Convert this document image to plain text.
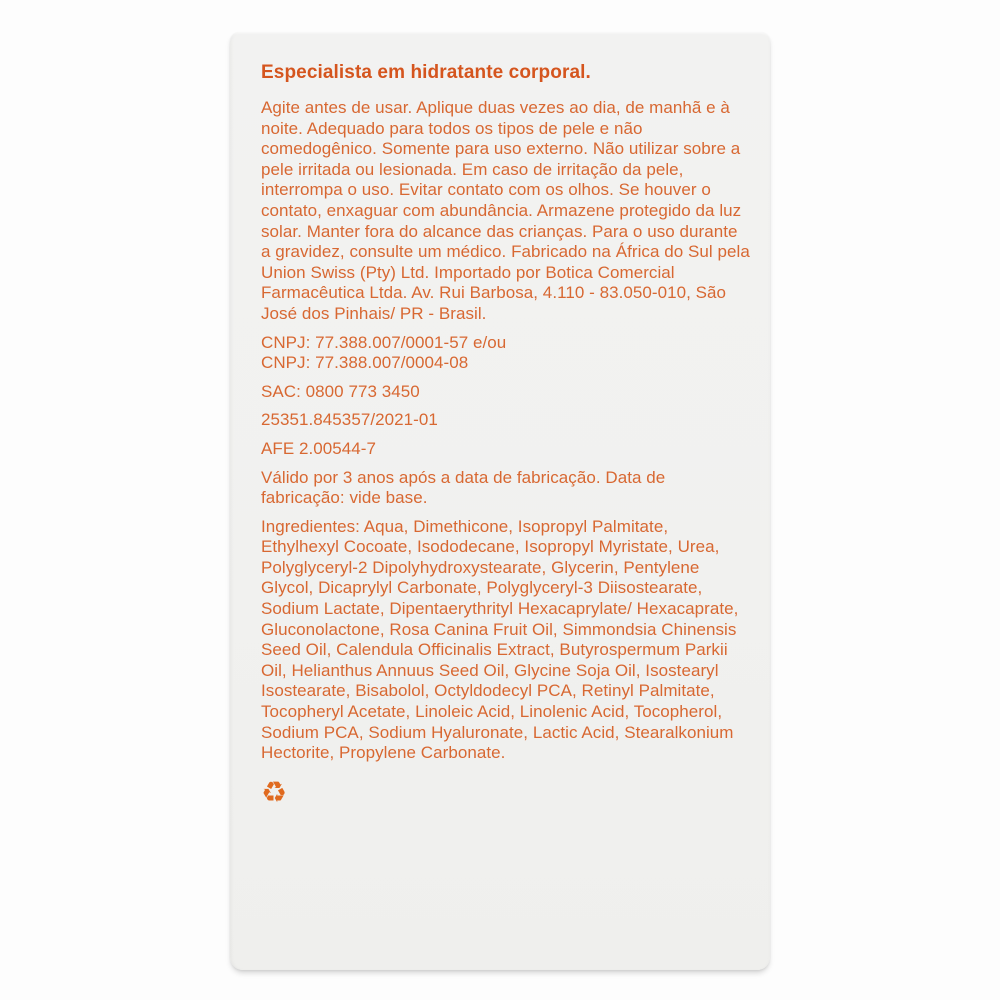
Especialista em hidratante corporal.

Agite antes de usar. Aplique duas vezes ao dia, de manhã e à noite. Adequado para todos os tipos de pele e não comedogênico. Somente para uso externo. Não utilizar sobre a pele irritada ou lesionada. Em caso de irritação da pele, interrompa o uso. Evitar contato com os olhos. Se houver o contato, enxaguar com abundância. Armazene protegido da luz solar. Manter fora do alcance das crianças. Para o uso durante a gravidez, consulte um médico. Fabricado na África do Sul pela Union Swiss (Pty) Ltd. Importado por Botica Comercial Farmacêutica Ltda. Av. Rui Barbosa, 4.110 - 83.050-010, São José dos Pinhais/ PR - Brasil.

CNPJ: 77.388.007/0001-57 e/ou
CNPJ: 77.388.007/0004-08

SAC: 0800 773 3450

25351.845357/2021-01

AFE 2.00544-7

Válido por 3 anos após a data de fabricação. Data de fabricação: vide base.

Ingredientes: Aqua, Dimethicone, Isopropyl Palmitate, Ethylhexyl Cocoate, Isododecane, Isopropyl Myristate, Urea, Polyglyceryl-2 Dipolyhydroxystearate, Glycerin, Pentylene Glycol, Dicaprylyl Carbonate, Polyglyceryl-3 Diisostearate, Sodium Lactate, Dipentaerythrityl Hexacaprylate/ Hexacaprate, Gluconolactone, Rosa Canina Fruit Oil, Simmondsia Chinensis Seed Oil, Calendula Officinalis Extract, Butyrospermum Parkii Oil, Helianthus Annuus Seed Oil, Glycine Soja Oil, Isostearyl Isostearate, Bisabolol, Octyldodecyl PCA, Retinyl Palmitate, Tocopheryl Acetate, Linoleic Acid, Linolenic Acid, Tocopherol, Sodium PCA, Sodium Hyaluronate, Lactic Acid, Stearalkonium Hectorite, Propylene Carbonate.

♻
